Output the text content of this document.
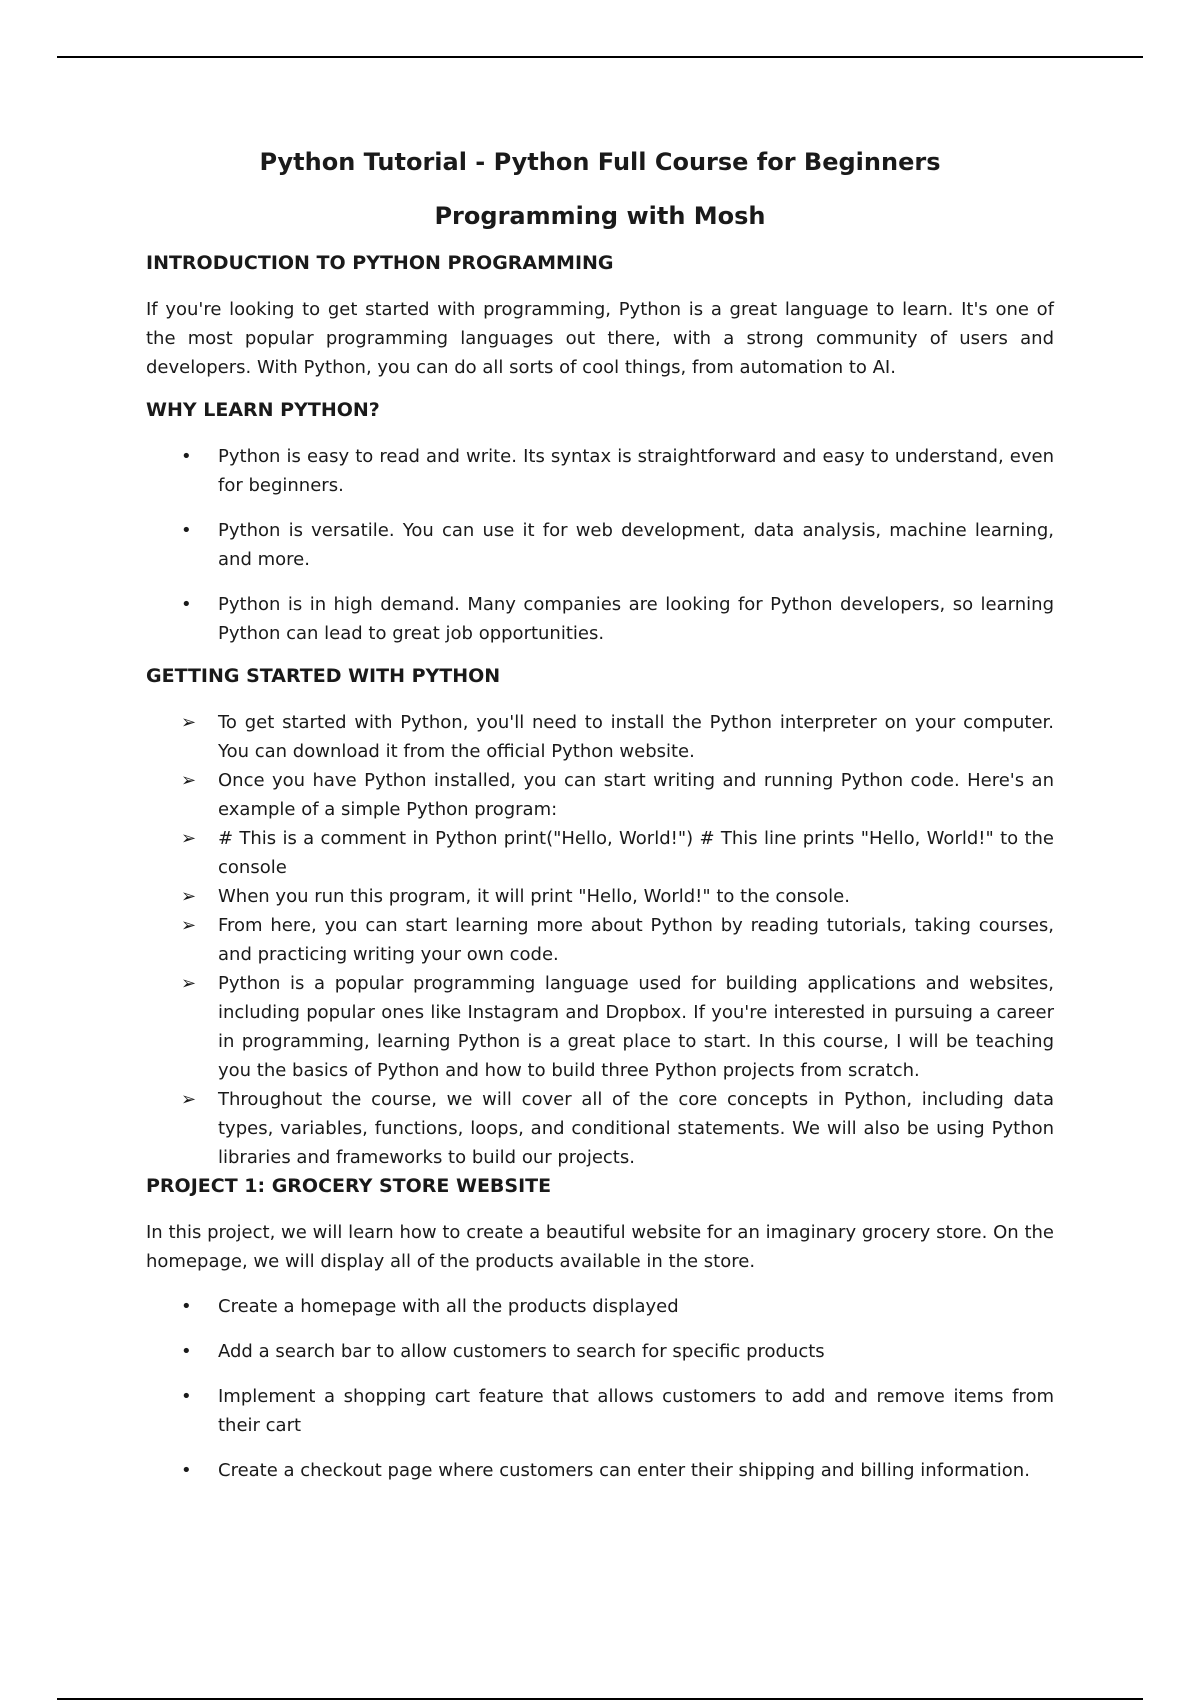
Python Tutorial - Python Full Course for Beginners
Programming with Mosh
INTRODUCTION TO PYTHON PROGRAMMING

If you're looking to get started with programming, Python is a great language to learn. It's one of the most popular programming languages out there, with a strong community of users and developers. With Python, you can do all sorts of cool things, from automation to AI.

WHY LEARN PYTHON?
•	Python is easy to read and write. Its syntax is straightforward and easy to understand, even for beginners.
•	Python is versatile. You can use it for web development, data analysis, machine learning, and more.
•	Python is in high demand. Many companies are looking for Python developers, so learning Python can lead to great job opportunities.
GETTING STARTED WITH PYTHON
➢ To get started with Python, you'll need to install the Python interpreter on your computer. You can download it from the official Python website.
➢ Once you have Python installed, you can start writing and running Python code. Here's an example of a simple Python program:
➢ # This is a comment in Python print("Hello, World!") # This line prints "Hello, World!" to the console
➢ When you run this program, it will print "Hello, World!" to the console.
➢ From here, you can start learning more about Python by reading tutorials, taking courses, and practicing writing your own code.
➢ Python is a popular programming language used for building applications and websites, including popular ones like Instagram and Dropbox. If you're interested in pursuing a career in programming, learning Python is a great place to start. In this course, I will be teaching you the basics of Python and how to build three Python projects from scratch.
➢ Throughout the course, we will cover all of the core concepts in Python, including data types, variables, functions, loops, and conditional statements. We will also be using Python libraries and frameworks to build our projects.
PROJECT 1: GROCERY STORE WEBSITE

In this project, we will learn how to create a beautiful website for an imaginary grocery store. On the homepage, we will display all of the products available in the store.

•	Create a homepage with all the products displayed
•	Add a search bar to allow customers to search for specific products
•	Implement a shopping cart feature that allows customers to add and remove items from their cart
•	Create a checkout page where customers can enter their shipping and billing information.
